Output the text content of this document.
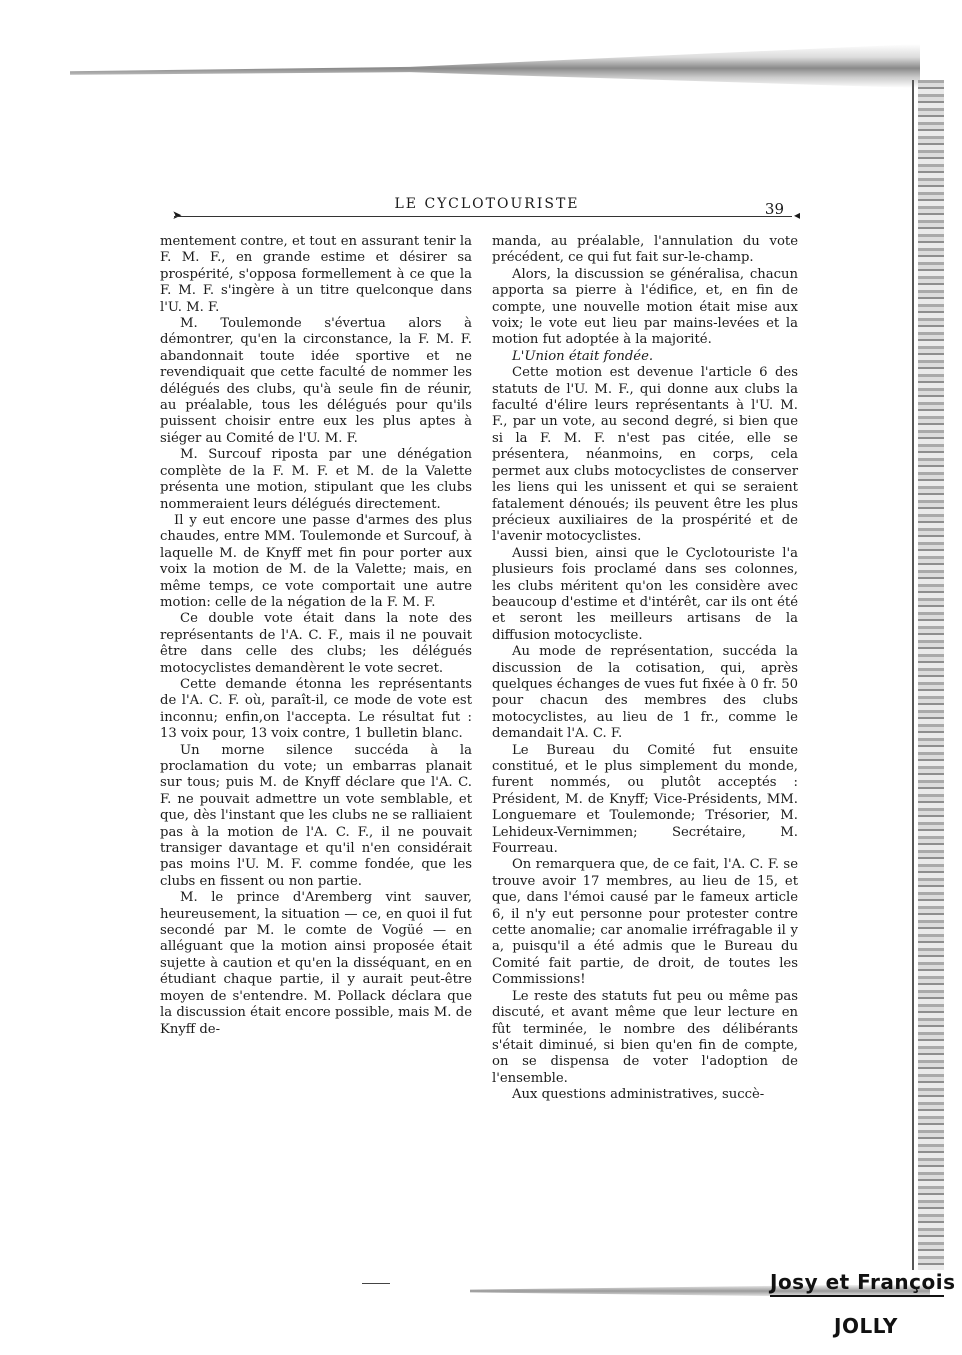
➤
LE CYCLOTOURISTE	39 ◂

mentement contre, et tout en assurant tenir la F. M. F., en grande estime et désirer sa prospérité, s'opposa formellement à ce que la F. M. F. s'ingère à un titre quelconque dans l'U. M. F.

M. Toulemonde s'évertua alors à démontrer, qu'en la circonstance, la F. M. F. abandonnait toute idée sportive et ne revendiquait que cette faculté de nommer les délégués des clubs, qu'à seule fin de réunir, au préalable, tous les délégués pour qu'ils puissent choisir entre eux les plus aptes à siéger au Comité de l'U. M. F.

M. Surcouf riposta par une dénégation complète de la F. M. F. et M. de la Valette présenta une motion, stipulant que les clubs nommeraient leurs délégués directement.

Il y eut encore une passe d'armes des plus chaudes, entre MM. Toulemonde et Surcouf, à laquelle M. de Knyff met fin pour porter aux voix la motion de M. de la Valette; mais, en même temps, ce vote comportait une autre motion: celle de la négation de la F. M. F.

Ce double vote était dans la note des représentants de l'A. C. F., mais il ne pouvait être dans celle des clubs; les délégués motocyclistes demandèrent le vote secret.

Cette demande étonna les représentants de l'A. C. F. où, paraît-il, ce mode de vote est inconnu; enfin,on l'accepta. Le résultat fut : 13 voix pour, 13 voix contre, 1 bulletin blanc.

Un morne silence succéda à la proclamation du vote; un embarras planait sur tous; puis M. de Knyff déclare que l'A. C. F. ne pouvait admettre un vote semblable, et que, dès l'instant que les clubs ne se ralliaient pas à la motion de l'A. C. F., il ne pouvait transiger davantage et qu'il n'en considérait pas moins l'U. M. F. comme fondée, que les clubs en fissent ou non partie.

M. le prince d'Aremberg vint sauver, heureusement, la situation — ce, en quoi il fut secondé par M. le comte de Vogüé — en alléguant que la motion ainsi proposée était sujette à caution et qu'en la disséquant, en en étudiant chaque partie, il y aurait peut-être moyen de s'entendre. M. Pollack déclara que la discussion était encore possible, mais M. de Knyff de-

manda, au préalable, l'annulation du vote précédent, ce qui fut fait sur-le-champ.

Alors, la discussion se généralisa, chacun apporta sa pierre à l'édifice, et, en fin de compte, une nouvelle motion était mise aux voix; le vote eut lieu par mains-levées et la motion fut adoptée à la majorité.

L'Union était fondée.

Cette motion est devenue l'article 6 des statuts de l'U. M. F., qui donne aux clubs la faculté d'élire leurs représentants à l'U. M. F., par un vote, au second degré, si bien que si la F. M. F. n'est pas citée, elle se présentera, néanmoins, en corps, cela permet aux clubs motocyclistes de conserver les liens qui les unissent et qui se seraient fatalement dénoués; ils peuvent être les plus précieux auxiliaires de la prospérité et de l'avenir motocyclistes.

Aussi bien, ainsi que le Cyclotouriste l'a plusieurs fois proclamé dans ses colonnes, les clubs méritent qu'on les considère avec beaucoup d'estime et d'intérêt, car ils ont été et seront les meilleurs artisans de la diffusion motocycliste.

Au mode de représentation, succéda la discussion de la cotisation, qui, après quelques échanges de vues fut fixée à 0 fr. 50 pour chacun des membres des clubs motocyclistes, au lieu de 1 fr., comme le demandait l'A. C. F.

Le Bureau du Comité fut ensuite constitué, et le plus simplement du monde, furent nommés, ou plutôt acceptés : Président, M. de Knyff; Vice-Présidents, MM. Longuemare et Toulemonde; Trésorier, M. Lehideux-Vernimmen; Secrétaire, M. Fourreau.

On remarquera que, de ce fait, l'A. C. F. se trouve avoir 17 membres, au lieu de 15, et que, dans l'émoi causé par le fameux article 6, il n'y eut personne pour protester contre cette anomalie; car anomalie irréfragable il y a, puisqu'il a été admis que le Bureau du Comité fait partie, de droit, de toutes les Commissions!

Le reste des statuts fut peu ou même pas discuté, et avant même que leur lecture en fût terminée, le nombre des délibérants s'était diminué, si bien qu'en fin de compte, on se dispensa de voter l'adoption de l'ensemble.

Aux questions administratives, succè-

Josy et François
JOLLY
